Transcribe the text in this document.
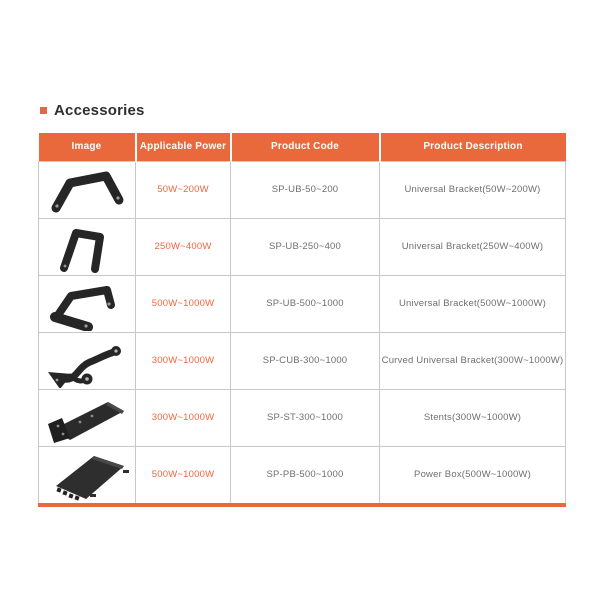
Accessories
Image	Applicable Power	Product Code	Product Description

	50W~200W	SP-UB-50~200	Universal Bracket(50W~200W)

	250W~400W	SP-UB-250~400	Universal Bracket(250W~400W)

	500W~1000W	SP-UB-500~1000	Universal Bracket(500W~1000W)

	300W~1000W	SP-CUB-300~1000	Curved Universal Bracket(300W~1000W)

	300W~1000W	SP-ST-300~1000	Stents(300W~1000W)

	500W~1000W	SP-PB-500~1000	Power Box(500W~1000W)
